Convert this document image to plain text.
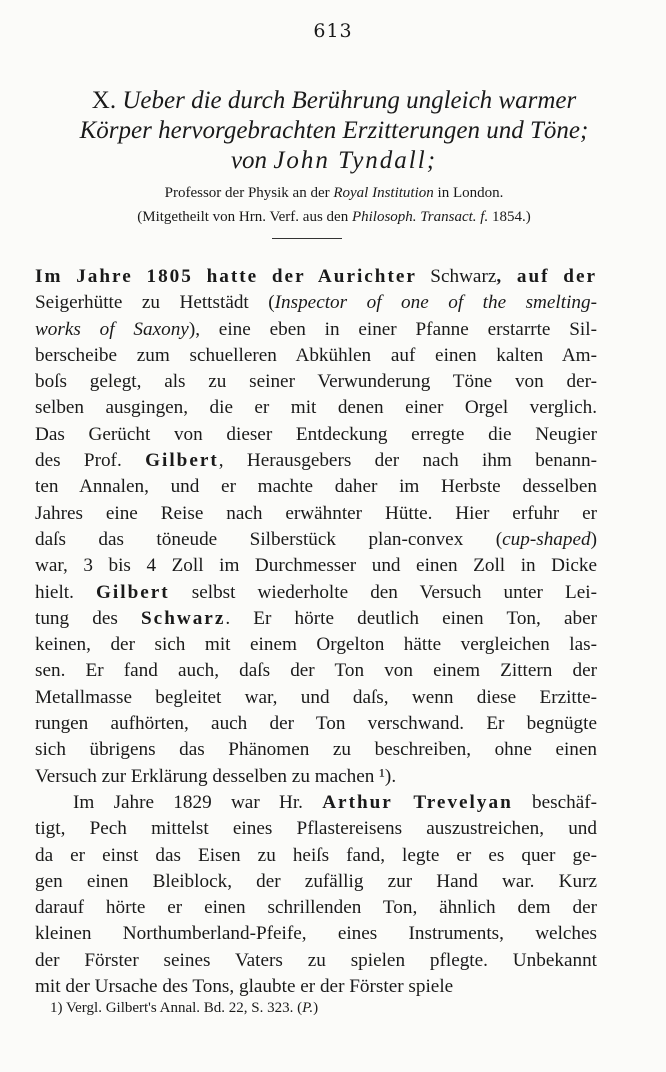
613

X. Ueber die durch Berührung ungleich warmer

Körper hervorgebrachten Erzitterungen und Töne;

von John Tyndall;

Professor der Physik an der Royal Institution in London.

(Mitgetheilt von Hrn. Verf. aus den Philosoph. Transact. f. 1854.)

Im Jahre 1805 hatte der Aurichter Schwarz, auf der
Seigerhütte zu Hettstädt (Inspector of one of the smelting-
works of Saxony), eine eben in einer Pfanne erstarrte Sil-
berscheibe zum schuelleren Abkühlen auf einen kalten Am-
boſs gelegt, als zu seiner Verwunderung Töne von der-
selben ausgingen, die er mit denen einer Orgel verglich.
Das Gerücht von dieser Entdeckung erregte die Neugier
des Prof. Gilbert, Herausgebers der nach ihm benann-
ten Annalen, und er machte daher im Herbste desselben
Jahres eine Reise nach erwähnter Hütte. Hier erfuhr er
daſs das töneude Silberstück plan-convex (cup-shaped)
war, 3 bis 4 Zoll im Durchmesser und einen Zoll in Dicke
hielt. Gilbert selbst wiederholte den Versuch unter Lei-
tung des Schwarz. Er hörte deutlich einen Ton, aber
keinen, der sich mit einem Orgelton hätte vergleichen las-
sen. Er fand auch, daſs der Ton von einem Zittern der
Metallmasse begleitet war, und daſs, wenn diese Erzitte-
rungen aufhörten, auch der Ton verschwand. Er begnügte
sich übrigens das Phänomen zu beschreiben, ohne einen
Versuch zur Erklärung desselben zu machen ¹).
Im Jahre 1829 war Hr. Arthur Trevelyan beschäf-
tigt, Pech mittelst eines Pflastereisens auszustreichen, und
da er einst das Eisen zu heiſs fand, legte er es quer ge-
gen einen Bleiblock, der zufällig zur Hand war. Kurz
darauf hörte er einen schrillenden Ton, ähnlich dem der
kleinen Northumberland-Pfeife, eines Instruments, welches
der Förster seines Vaters zu spielen pflegte. Unbekannt
mit der Ursache des Tons, glaubte er der Förster spiele
1) Vergl. Gilbert's Annal. Bd. 22, S. 323. (P.)
